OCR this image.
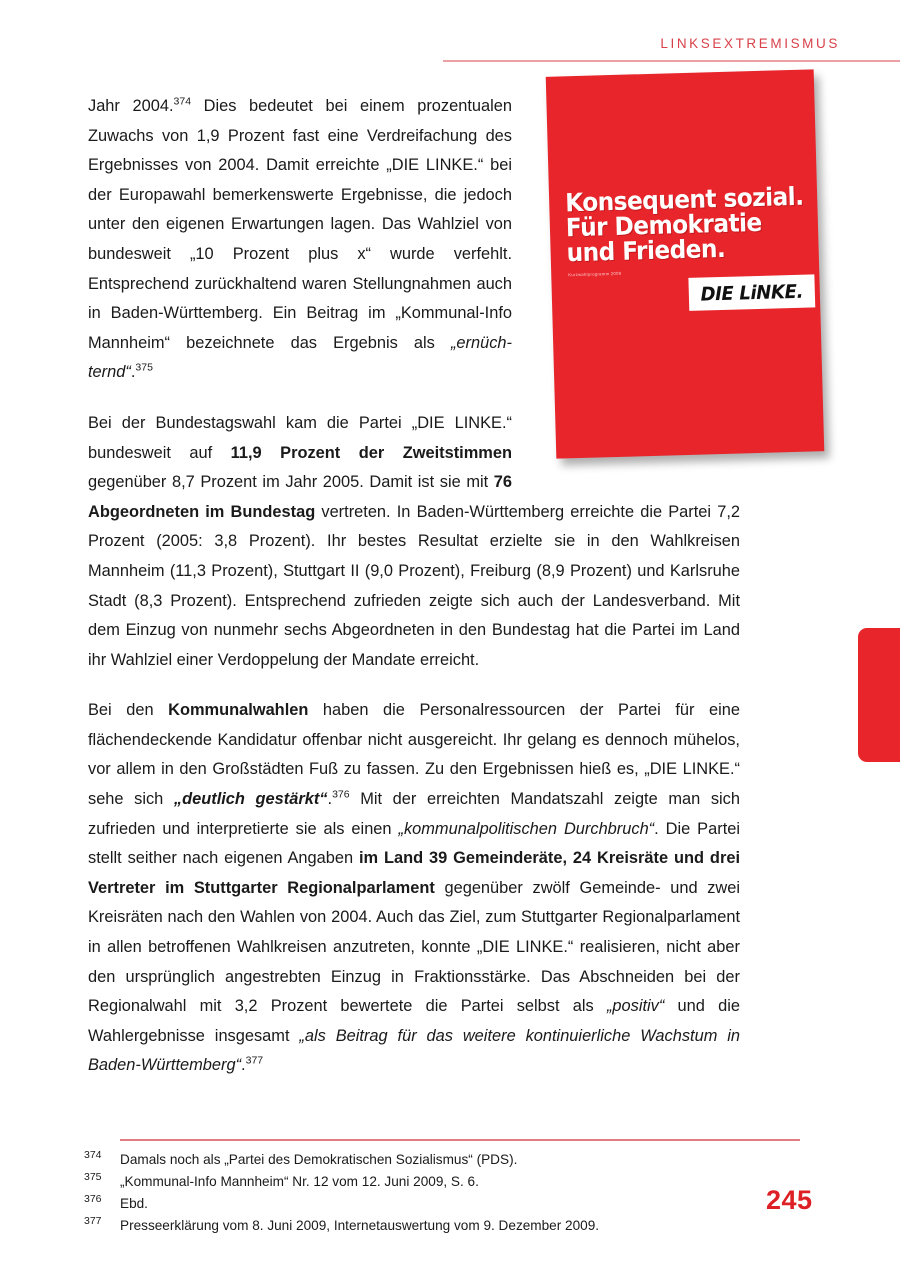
LINKSEXTREMISMUS
Konsequent sozial.
Für Demokratie
und Frieden.
Kurzwahlprogramm 2009
DIE LiNKE.

Jahr 2004.$^{374}$ Dies bedeutet bei einem prozentualen Zuwachs von 1,9 Prozent fast eine Verdreifachung des Ergebnisses von 2004. Damit erreichte „DIE LINKE.“ bei der Europawahl bemerkenswerte Ergebnisse, die jedoch unter den eigenen Erwartungen lagen. Das Wahlziel von bundesweit „10 Prozent plus x“ wurde verfehlt. Entsprechend zurückhaltend waren Stellungnahmen auch in Baden-Württemberg. Ein Beitrag im „Kommunal-Info Mannheim“ bezeichnete das Ergebnis als „ernüchternd“.$^{375}$

Bei der Bundestagswahl kam die Partei „DIE LINKE.“ bundesweit auf 11,9 Prozent der Zweitstimmen gegenüber 8,7 Prozent im Jahr 2005. Damit ist sie mit 76 Abgeordneten im Bundestag vertreten. In Baden-Württemberg erreichte die Partei 7,2 Prozent (2005: 3,8 Prozent). Ihr bestes Resultat erzielte sie in den Wahlkreisen Mannheim (11,3 Prozent), Stuttgart II (9,0 Prozent), Freiburg (8,9 Prozent) und Karlsruhe Stadt (8,3 Prozent). Entsprechend zufrieden zeigte sich auch der Landesverband. Mit dem Einzug von nunmehr sechs Abgeordneten in den Bundestag hat die Partei im Land ihr Wahlziel einer Verdoppelung der Mandate erreicht.

Bei den Kommunalwahlen haben die Personalressourcen der Partei für eine flächendeckende Kandidatur offenbar nicht ausgereicht. Ihr gelang es dennoch mühelos, vor allem in den Großstädten Fuß zu fassen. Zu den Ergebnissen hieß es, „DIE LINKE.“ sehe sich „deutlich gestärkt“.$^{376}$ Mit der erreichten Mandatszahl zeigte man sich zufrieden und interpretierte sie als einen „kommunalpolitischen Durchbruch“. Die Partei stellt seither nach eigenen Angaben im Land 39 Gemeinderäte, 24 Kreisräte und drei Vertreter im Stuttgarter Regionalparlament gegenüber zwölf Gemeinde- und zwei Kreisräten nach den Wahlen von 2004. Auch das Ziel, zum Stuttgarter Regionalparlament in allen betroffenen Wahlkreisen anzutreten, konnte „DIE LINKE.“ realisieren, nicht aber den ursprünglich angestrebten Einzug in Fraktionsstärke. Das Abschneiden bei der Regionalwahl mit 3,2 Prozent bewertete die Partei selbst als „positiv“ und die Wahlergebnisse insgesamt „als Beitrag für das weitere kontinuierliche Wachstum in Baden-Württemberg“.$^{377}$

374	Damals noch als „Partei des Demokratischen Sozialismus“ (PDS).
375	„Kommunal-Info Mannheim“ Nr. 12 vom 12. Juni 2009, S. 6.
376	Ebd.
377	Presseerklärung vom 8. Juni 2009, Internetauswertung vom 9. Dezember 2009.
245
